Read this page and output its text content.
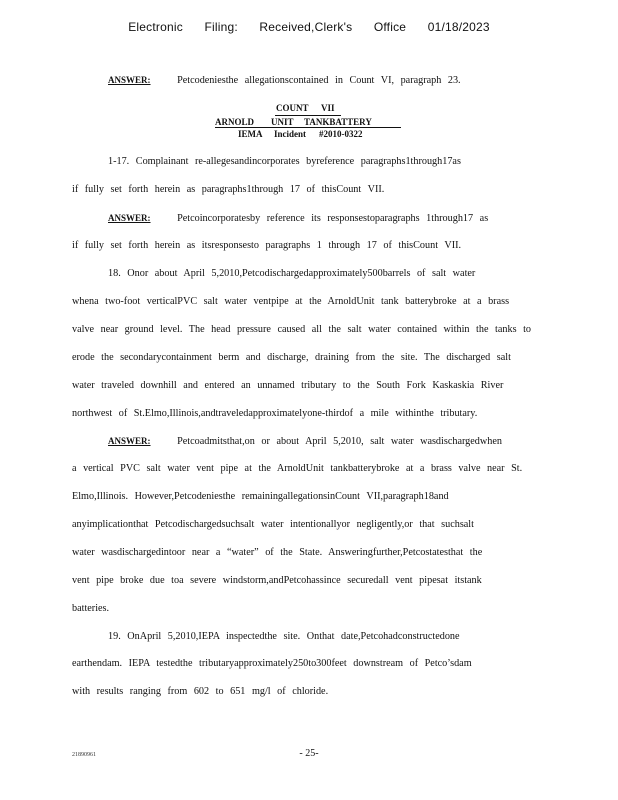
Electronic Filing: Received,Clerk's Office 01/18/2023
ANSWER:	Petcodeniesthe allegationscontained in Count VI, paragraph 23.
COUNT VII
ARNOLD UNIT TANKBATTERY
IEMA Incident #2010-0322
1-17. Complainant re-allegesandincorporates byreference paragraphs1through17as
if fully set forth herein as paragraphs1through 17 of thisCount VII.
ANSWER:	Petcoincorporatesby reference its responsestoparagraphs 1through17 as
if fully set forth herein as itsresponsesto paragraphs 1 through 17 of thisCount VII.
18. Onor about April 5,2010,Petcodischargedapproximately500barrels of salt water
whena two-foot verticalPVC salt water ventpipe at the ArnoldUnit tank batterybroke at a brass
valve near ground level. The head pressure caused all the salt water contained within the tanks to
erode the secondarycontainment berm and discharge, draining from the site. The discharged salt
water traveled downhill and entered an unnamed tributary to the South Fork Kaskaskia River
northwest of St.Elmo,Illinois,andtraveledapproximatelyone-thirdof a mile withinthe tributary.
ANSWER:	Petcoadmitsthat,on or about April 5,2010, salt water wasdischargedwhen
a vertical PVC salt water vent pipe at the ArnoldUnit tankbatterybroke at a brass valve near St.
Elmo,Illinois. However,Petcodeniesthe remainingallegationsinCount VII,paragraph18and
anyimplicationthat Petcodischargedsuchsalt water intentionallyor negligently,or that suchsalt
water wasdischargedintoor near a “water” of the State. Answeringfurther,Petcostatesthat the
vent pipe broke due toa severe windstorm,andPetcohassince securedall vent pipesat itstank
batteries.
19. OnApril 5,2010,IEPA inspectedthe site. Onthat date,Petcohadconstructedone
earthendam. IEPA testedthe tributaryapproximately250to300feet downstream of Petco’sdam
with results ranging from 602 to 651 mg/l of chloride.
21890961	- 25-
